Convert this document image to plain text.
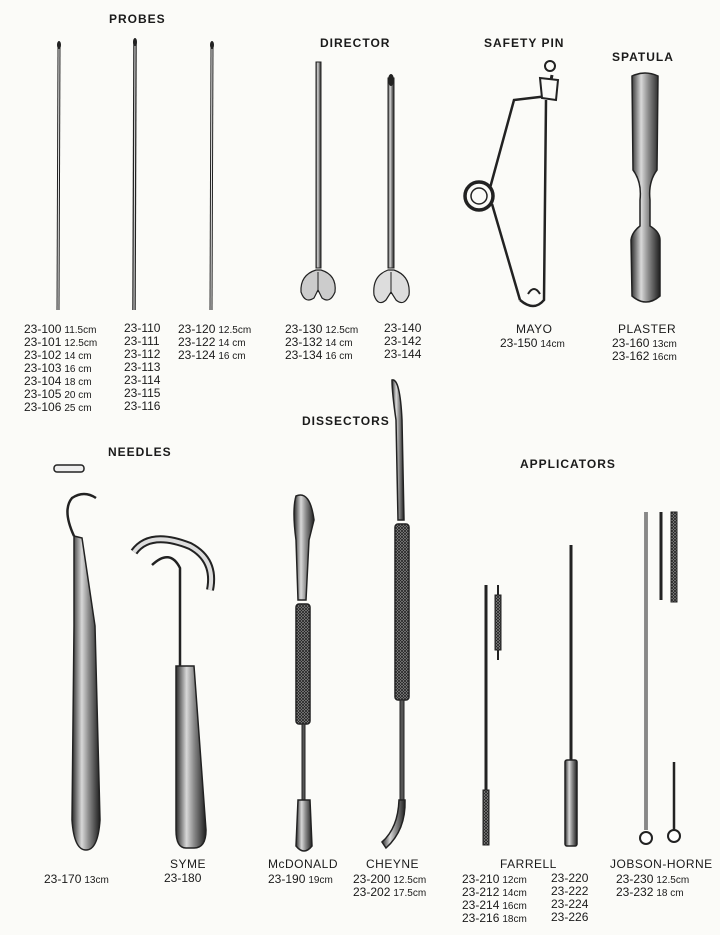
PROBES
DIRECTOR	SAFETY PIN
SPATULA
DISSECTORS
NEEDLES
APPLICATORS
23-100 11.5cm
23-101 12.5cm
23-102 14 cm
23-103 16 cm
23-104 18 cm
23-105 20 cm
23-106 25 cm
23-110
23-111
23-112
23-113
23-114
23-115
23-116
23-120 12.5cm
23-122 14 cm
23-124 16 cm
23-130 12.5cm
23-132 14 cm
23-134 16 cm
23-140
23-142
23-144
MAYO
23-150 14cm
PLASTER
23-160 13cm
23-162 16cm
23-170 13cm
SYME
23-180
McDONALD
23-190 19cm
CHEYNE
23-200 12.5cm
23-202 17.5cm
FARRELL
23-210 12cm
23-212 14cm
23-214 16cm
23-216 18cm
23-220
23-222
23-224
23-226
JOBSON-HORNE
23-230 12.5cm
23-232 18 cm
